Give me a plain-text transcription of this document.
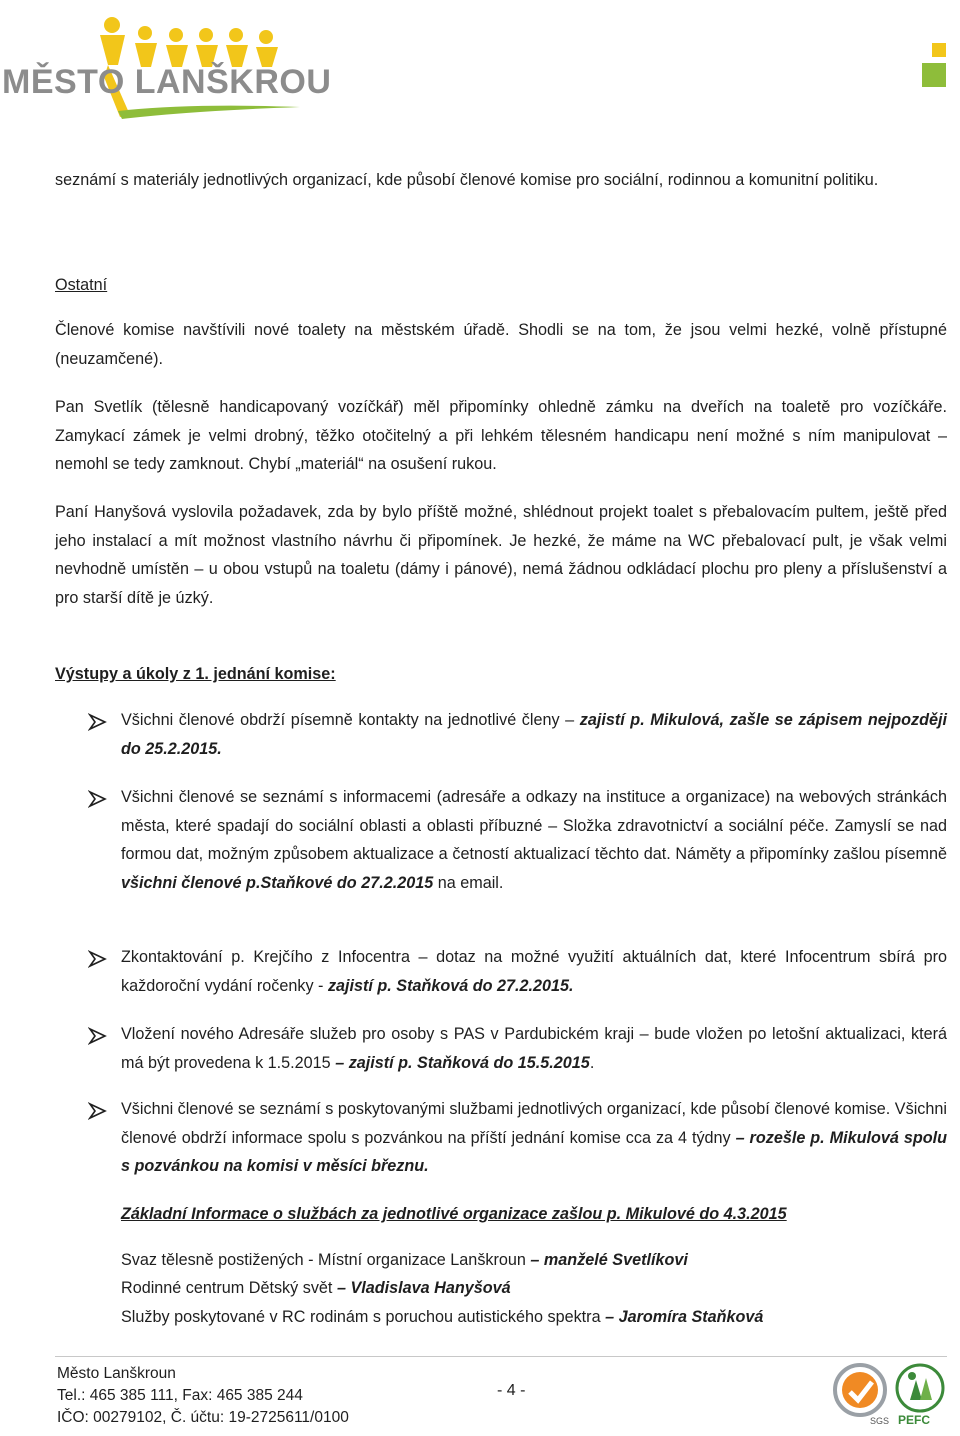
MĚSTO LANŠKROUN

seznámí s materiály jednotlivých organizací, kde působí členové komise pro sociální, rodinnou a komunitní politiku.

Ostatní

Členové komise navštívili nové toalety na městském úřadě. Shodli se na tom, že jsou velmi hezké, volně přístupné (neuzamčené).

Pan Svetlík (tělesně handicapovaný vozíčkář) měl připomínky ohledně zámku na dveřích na toaletě pro vozíčkáře. Zamykací zámek je velmi drobný, těžko otočitelný a při lehkém tělesném handicapu není možné s ním manipulovat – nemohl se tedy zamknout. Chybí „materiál“ na osušení rukou.

Paní Hanyšová vyslovila požadavek, zda by bylo příště možné, shlédnout projekt toalet s přebalovacím pultem, ještě před jeho instalací a mít možnost vlastního návrhu či připomínek. Je hezké, že máme na WC přebalovací pult, je však velmi nevhodně umístěn – u obou vstupů na toaletu (dámy i pánové), nemá žádnou odkládací plochu pro pleny a příslušenství a pro starší dítě je úzký.

Výstupy a úkoly z 1. jednání komise:

Všichni členové obdrží písemně kontakty na jednotlivé členy – zajistí p. Mikulová, zašle se zápisem nejpozději do 25.2.2015.

Všichni členové se seznámí s informacemi (adresáře a odkazy na instituce a organizace) na webových stránkách města, které spadají do sociální oblasti a oblasti příbuzné – Složka zdravotnictví a sociální péče. Zamyslí se nad formou dat, možným způsobem aktualizace a četností aktualizací těchto dat. Náměty a připomínky zašlou písemně všichni členové p.Staňkové do 27.2.2015 na email.

Zkontaktování p. Krejčího z Infocentra – dotaz na možné využití aktuálních dat, které Infocentrum sbírá pro každoroční vydání ročenky - zajistí p. Staňková do 27.2.2015.

Vložení nového Adresáře služeb pro osoby s PAS v Pardubickém kraji – bude vložen po letošní aktualizaci, která má být provedena k 1.5.2015 – zajistí p. Staňková do 15.5.2015.

Všichni členové se seznámí s poskytovanými službami jednotlivých organizací, kde působí členové komise. Všichni členové obdrží informace spolu s pozvánkou na příští jednání komise cca za 4 týdny – rozešle p. Mikulová spolu s pozvánkou na komisi v měsíci březnu.

Základní Informace o službách za jednotlivé organizace zašlou p. Mikulové do 4.3.2015
Svaz tělesně postižených - Místní organizace Lanškroun – manželé Svetlíkovi
Rodinné centrum Dětský svět – Vladislava Hanyšová
Služby poskytované v RC rodinám s poruchou autistického spektra – Jaromíra Staňková
Město Lanškroun
Tel.: 465 385 111, Fax: 465 385 244
IČO: 00279102, Č. účtu: 19-2725611/0100
- 4 -
SGS PEFC
